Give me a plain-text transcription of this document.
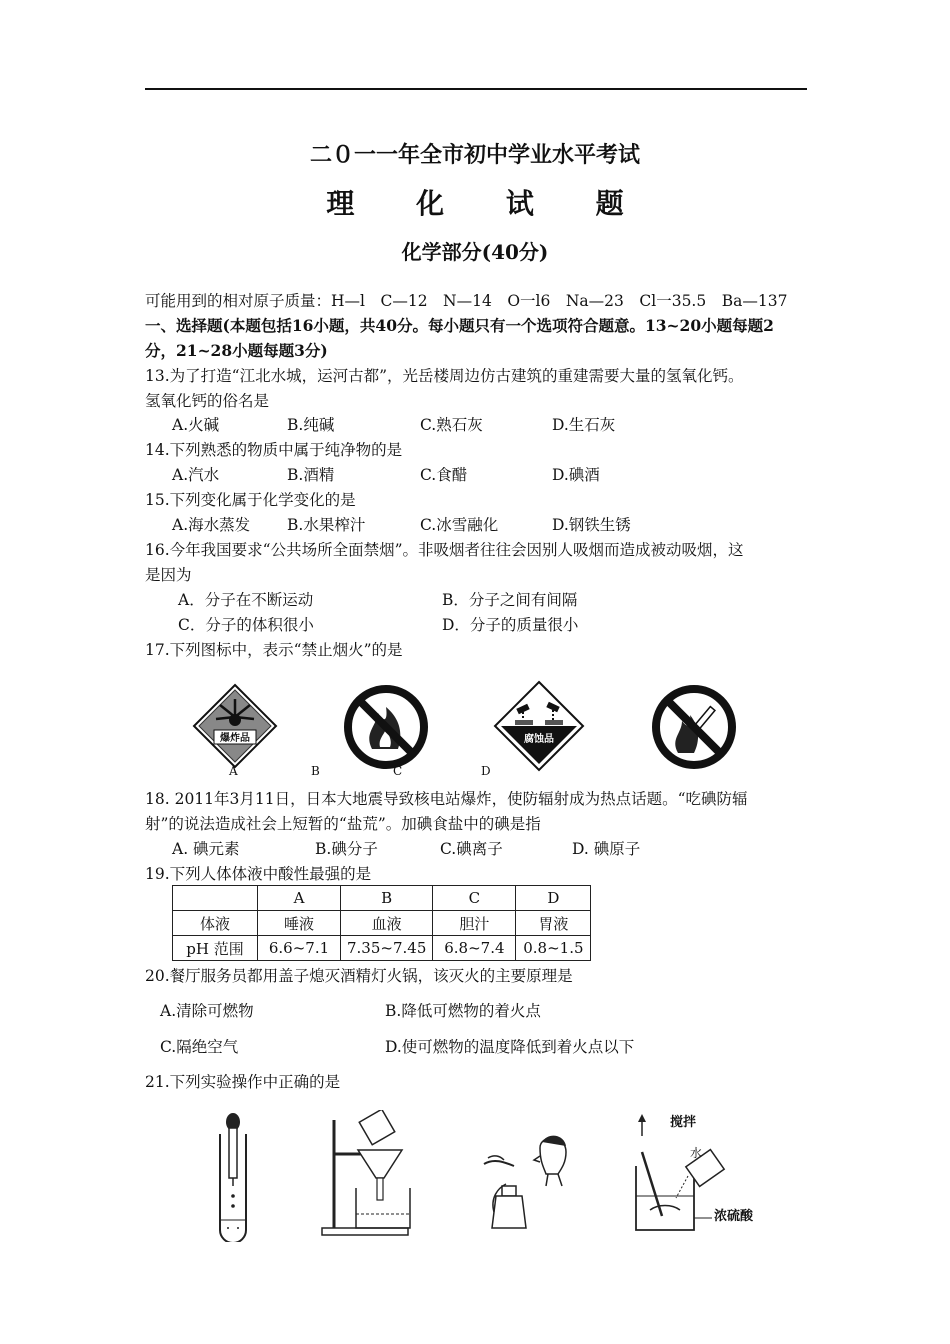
二０一一年全市初中学业水平考试
理 化 试 题
化学部分(40分)
可能用到的相对原子质量：H—l　C—12　N—14　O一l6　Na—23　Cl一35.5　Ba—137
一、选择题(本题包括16小题，共40分。每小题只有一个选项符合题意。13~20小题每题2
分，21~28小题每题3分)
13.为了打造“江北水城，运河古都”，光岳楼周边仿古建筑的重建需要大量的氢氧化钙。
氢氧化钙的俗名是
A.火碱	B.纯碱	C.熟石灰	D.生石灰
14.下列熟悉的物质中属于纯净物的是
A.汽水	B.酒精	C.食醋	D.碘酒
15.下列变化属于化学变化的是
A.海水蒸发 B.水果榨汁	C.冰雪融化	D.钢铁生锈
16.今年我国要求“公共场所全面禁烟”。非吸烟者往往会因别人吸烟而造成被动吸烟，这
是因为
A．分子在不断运动	B．分子之间有间隔
C．分子的体积很小	D．分子的质量很小
17.下列图标中，表示“禁止烟火”的是
爆炸品	腐蚀品
A	B	C	D
18. 2011年3月11日，日本大地震导致核电站爆炸，使防辐射成为热点话题。“吃碘防辐
射”的说法造成社会上短暂的“盐荒”。加碘食盐中的碘是指
A. 碘元素	B.碘分子	C.碘离子	D. 碘原子
19.下列人体体液中酸性最强的是
	A	B	C	D
体液	唾液	血液	胆汁	胃液
pH 范围	6.6~7.1	7.35~7.45	6.8~7.4	0.8~1.5
20.餐厅服务员都用盖子熄灭酒精灯火锅，该灭火的主要原理是
A.清除可燃物	B.降低可燃物的着火点
C.隔绝空气	D.使可燃物的温度降低到着火点以下
21.下列实验操作中正确的是
搅拌
水
浓硫酸
